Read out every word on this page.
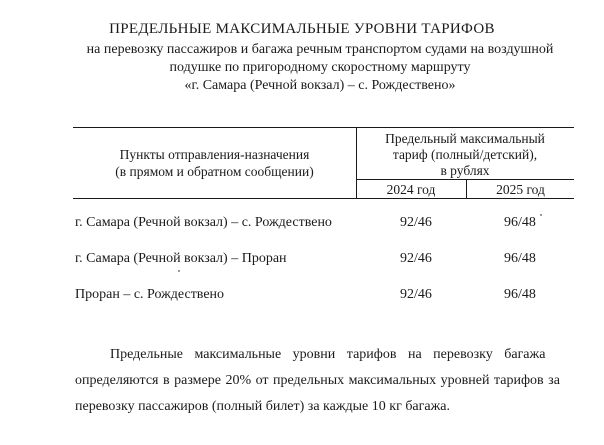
ПРЕДЕЛЬНЫЕ МАКСИМАЛЬНЫЕ УРОВНИ ТАРИФОВ
на перевозку пассажиров и багажа речным транспортом судами на воздушной
подушке по пригородному скоростному маршруту
«г. Самара (Речной вокзал) – с. Рождествено»
Пункты отправления-назначения
(в прямом и обратном сообщении)
Предельный максимальный
тариф (полный/детский),
в рублях
2024 год	2025 год
г. Самара (Речной вокзал) – с. Рождествено	92/46	96/48
г. Самара (Речной вокзал) – Проран	92/46	96/48
Проран – с. Рождествено	92/46	96/48
Предельные максимальные уровни тарифов на перевозку багажа
определяются в размере 20% от предельных максимальных уровней тарифов за
перевозку пассажиров (полный билет) за каждые 10 кг багажа.
